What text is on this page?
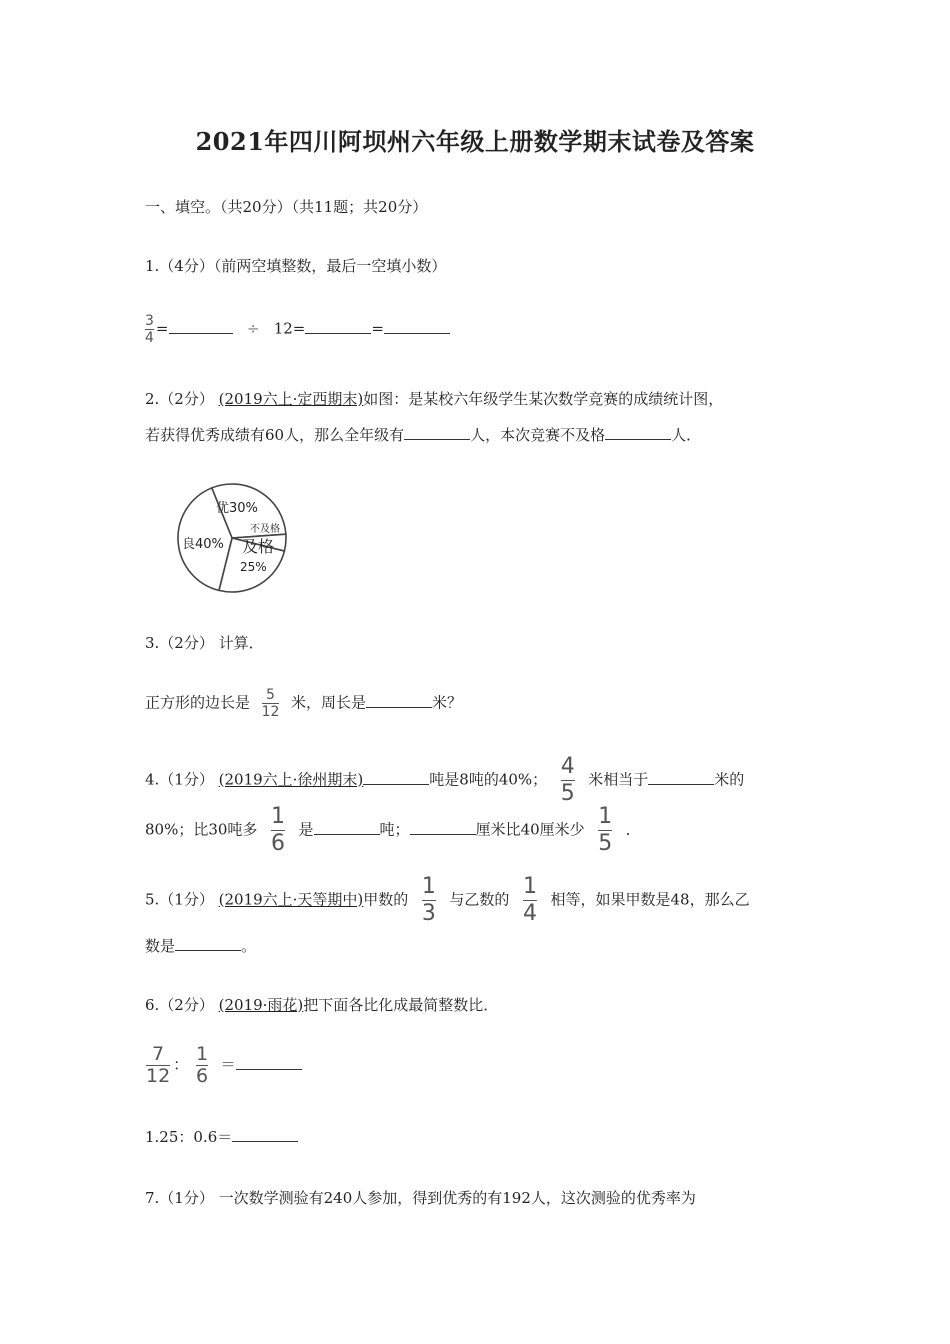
2021年四川阿坝州六年级上册数学期末试卷及答案
一、填空。（共20分）（共11题；共20分）
1.（4分）（前两空填整数，最后一空填小数）
$\frac{3}{4}$ =	÷ 12=	=
2.（2分） (2019六上·定西期末)如图：是某校六年级学生某次数学竞赛的成绩统计图，
若获得优秀成绩有60人，那么全年级有	人，本次竞赛不及格	人．
优30%
不及格
及格
25%
良40%
3.（2分） 计算．
正方形的边长是 $\frac{5}{12}$ 米，周长是	米？
4.（1分） (2019六上·徐州期末)	吨是8吨的40%； $\frac{4}{5}$ 米相当于	米的
80%；比30吨多 $\frac{1}{6}$ 是	吨；	厘米比40厘米少 $\frac{1}{5}$ ．
5.（1分） (2019六上·天等期中)甲数的 $\frac{1}{3}$ 与乙数的 $\frac{1}{4}$ 相等，如果甲数是48，那么乙
数是	。
6.（2分） (2019·雨花)把下面各比化成最简整数比．
$\frac{7}{12}$ ： $\frac{1}{6}$ ＝
1.25：0.6＝
7.（1分） 一次数学测验有240人参加，得到优秀的有192人，这次测验的优秀率为
